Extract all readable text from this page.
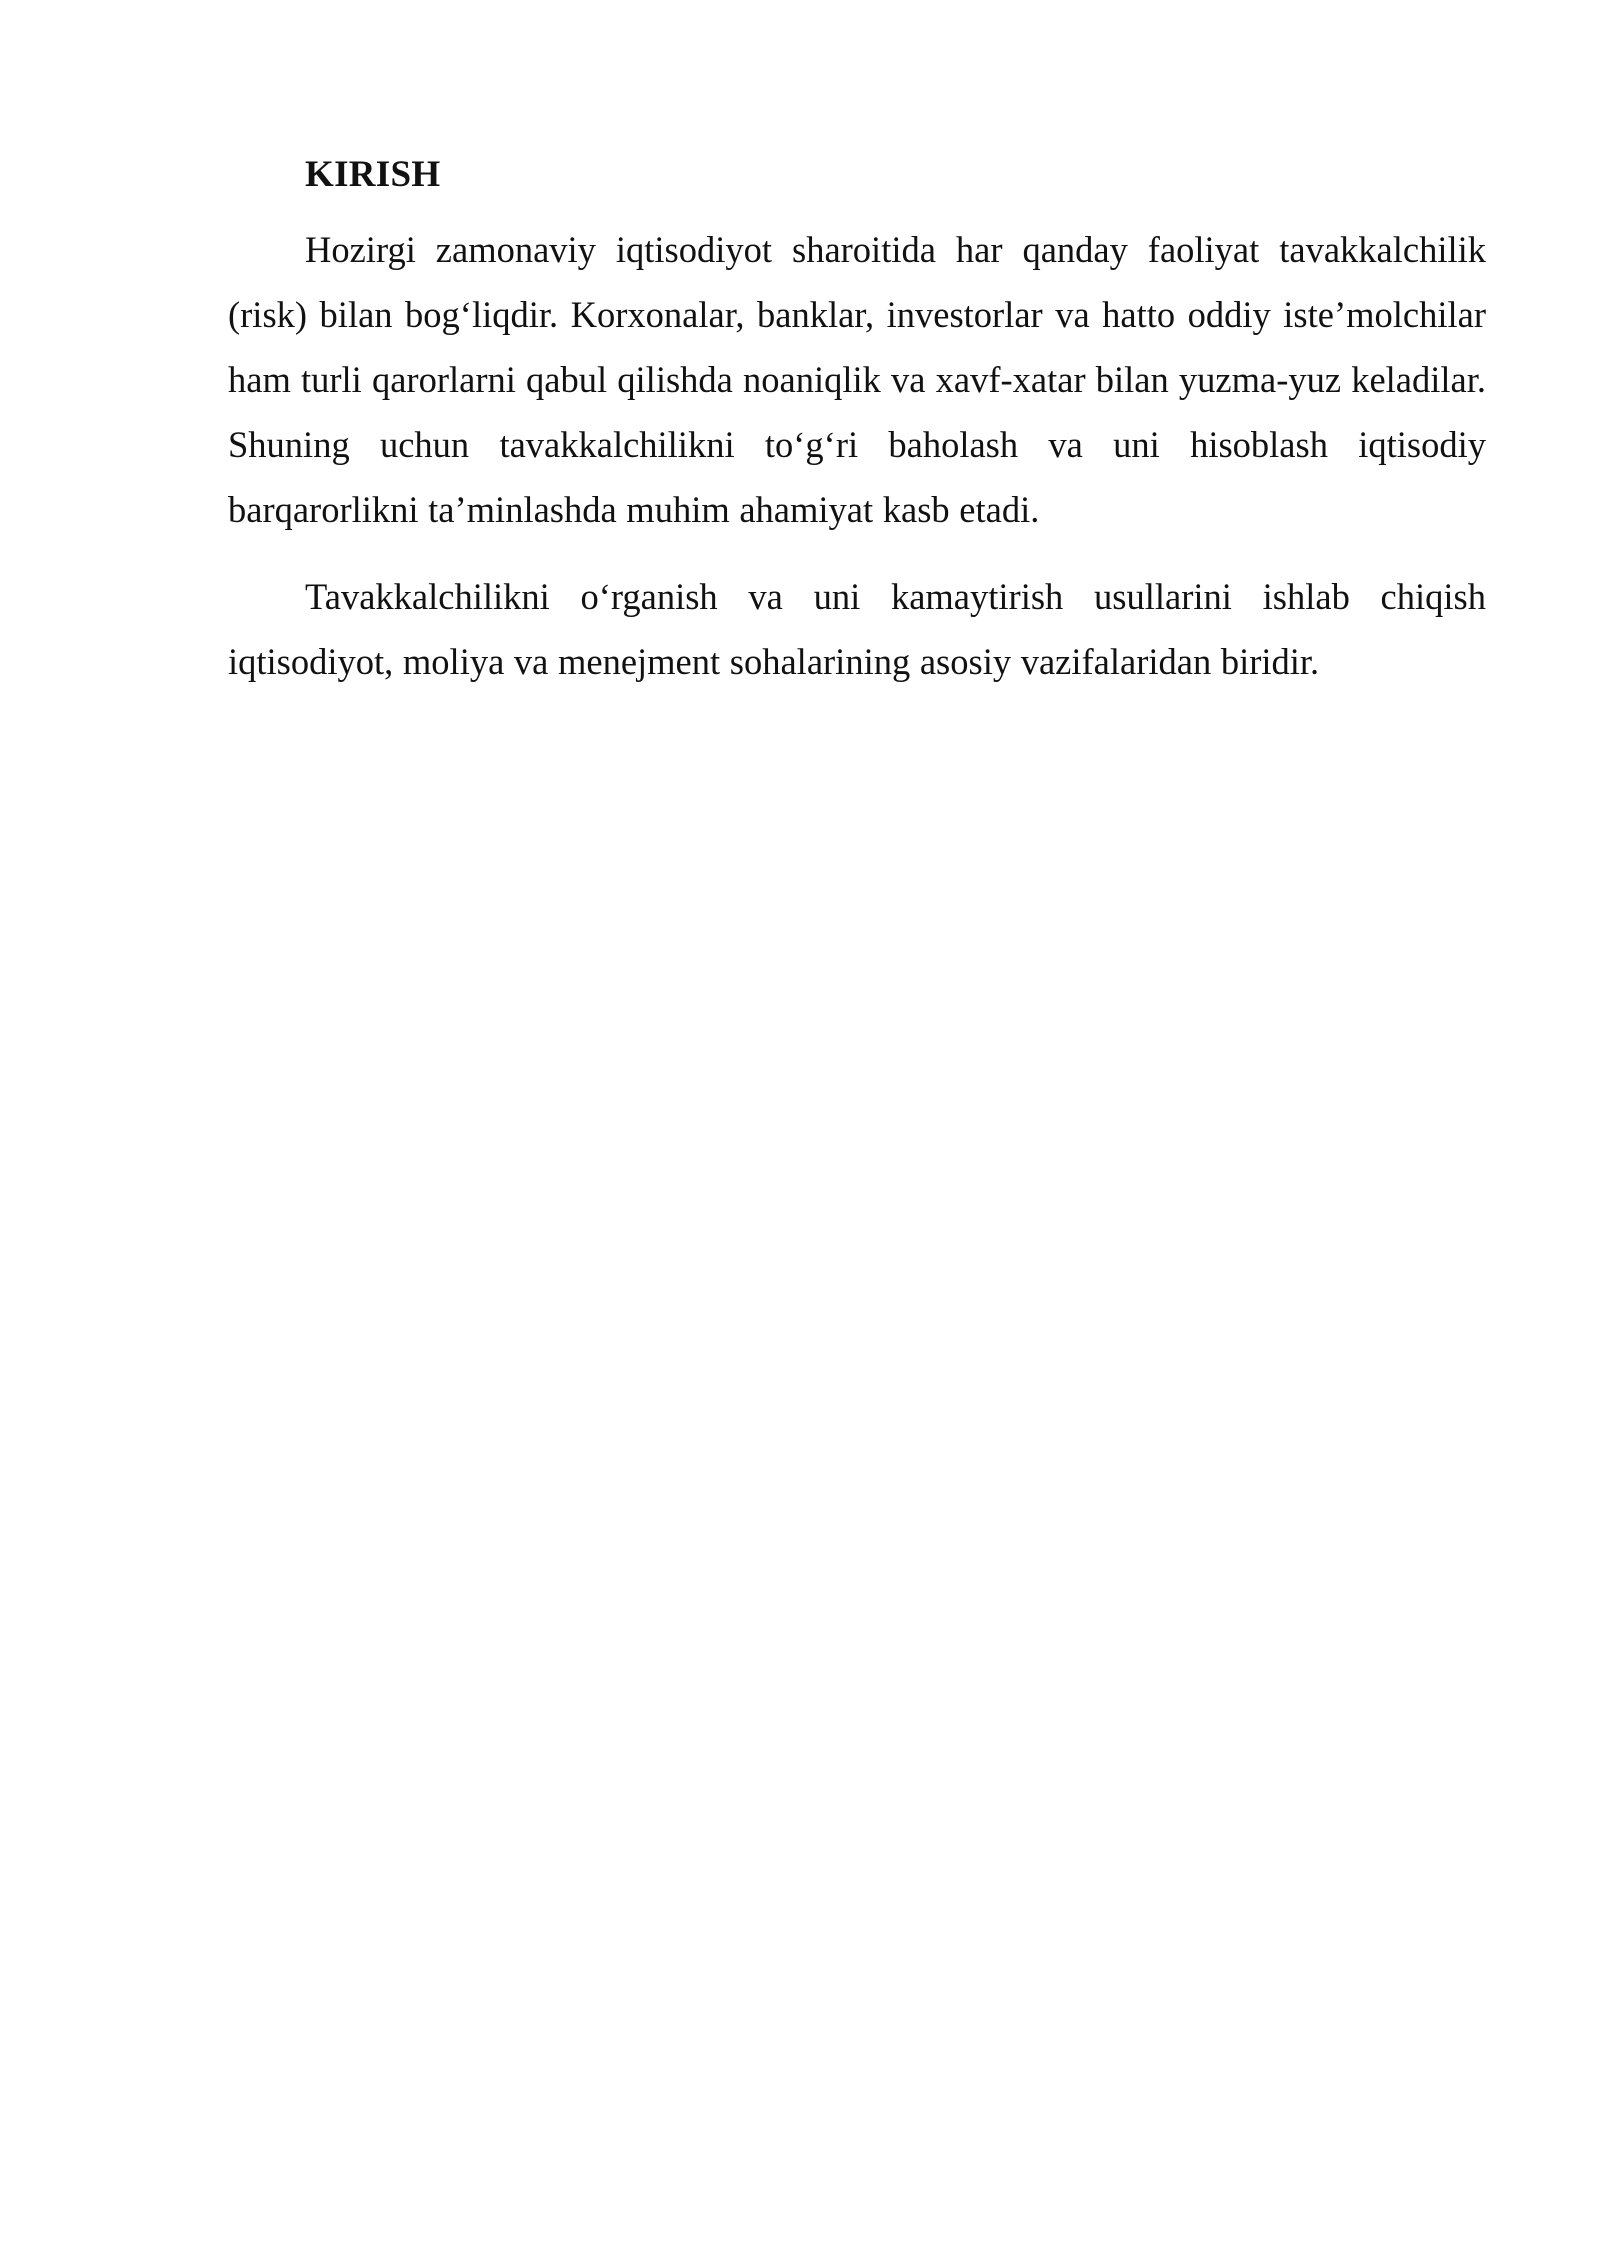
KIRISH

Hozirgi zamonaviy iqtisodiyot sharoitida har qanday faoliyat tavakkalchilik (risk) bilan bog‘liqdir. Korxonalar, banklar, investorlar va hatto oddiy iste’molchilar ham turli qarorlarni qabul qilishda noaniqlik va xavf-xatar bilan yuzma-yuz keladilar. Shuning uchun tavakkalchilikni to‘g‘ri baholash va uni hisoblash iqtisodiy barqarorlikni ta’minlashda muhim ahamiyat kasb etadi.

Tavakkalchilikni o‘rganish va uni kamaytirish usullarini ishlab chiqish iqtisodiyot, moliya va menejment sohalarining asosiy vazifalaridan biridir.
